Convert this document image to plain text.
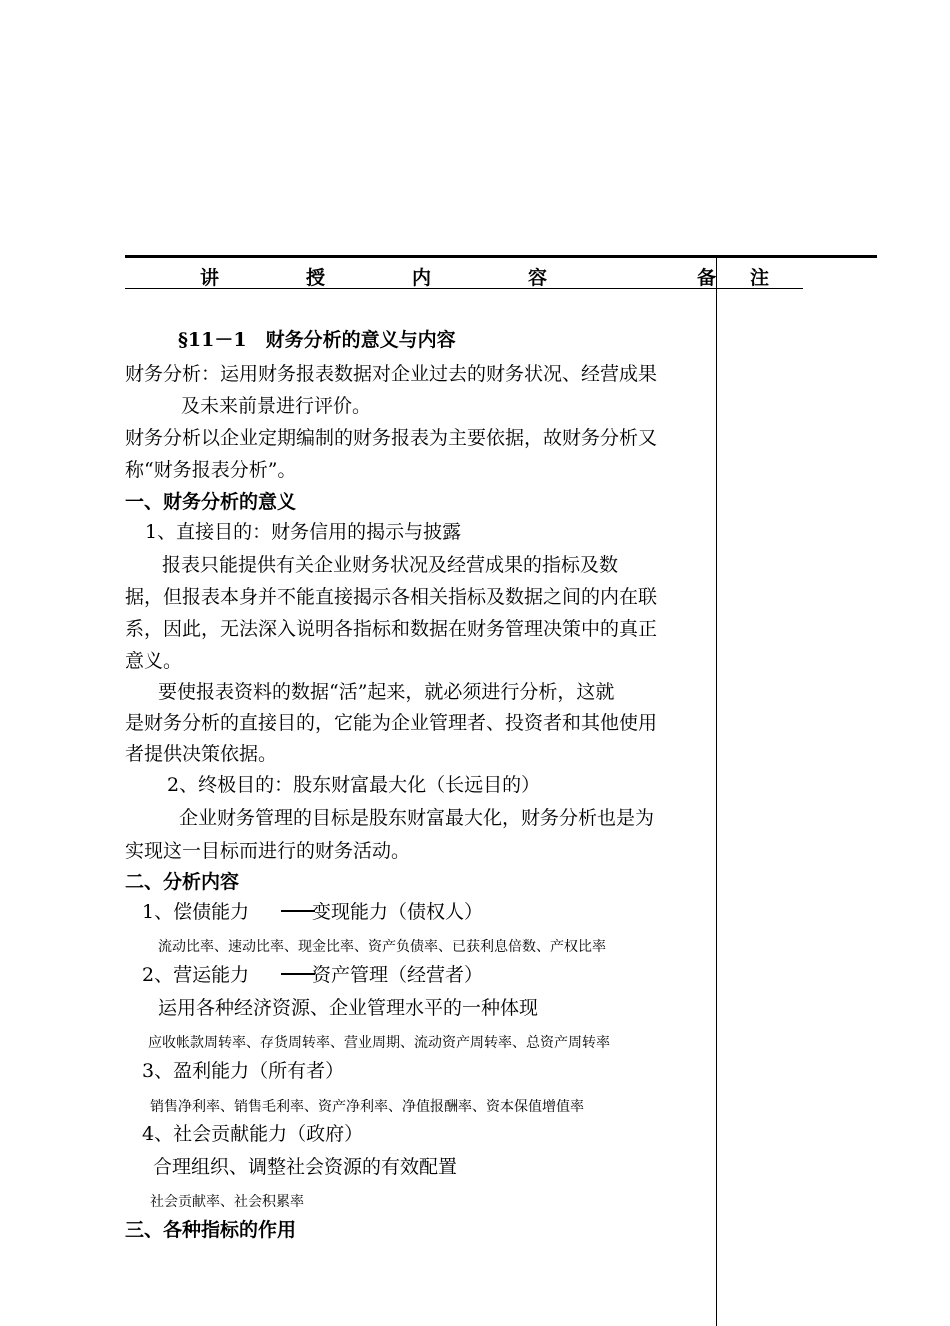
讲	授	内	容	备 注
§11－1　财务分析的意义与内容
财务分析：运用财务报表数据对企业过去的财务状况、经营成果
及未来前景进行评价。
财务分析以企业定期编制的财务报表为主要依据，故财务分析又
称“财务报表分析”。
一、财务分析的意义
1、直接目的：财务信用的揭示与披露
报表只能提供有关企业财务状况及经营成果的指标及数
据，但报表本身并不能直接揭示各相关指标及数据之间的内在联
系，因此，无法深入说明各指标和数据在财务管理决策中的真正
意义。
要使报表资料的数据“活”起来，就必须进行分析，这就
是财务分析的直接目的，它能为企业管理者、投资者和其他使用
者提供决策依据。
2、终极目的：股东财富最大化（长远目的）
企业财务管理的目标是股东财富最大化，财务分析也是为
实现这一目标而进行的财务活动。
二、分析内容
1、偿债能力	变现能力（债权人）
流动比率、速动比率、现金比率、资产负债率、已获利息倍数、产权比率
2、营运能力	资产管理（经营者）
运用各种经济资源、企业管理水平的一种体现
应收帐款周转率、存货周转率、营业周期、流动资产周转率、总资产周转率
3、盈利能力（所有者）
销售净利率、销售毛利率、资产净利率、净值报酬率、资本保值增值率
4、社会贡献能力（政府）
合理组织、调整社会资源的有效配置
社会贡献率、社会积累率
三、各种指标的作用
